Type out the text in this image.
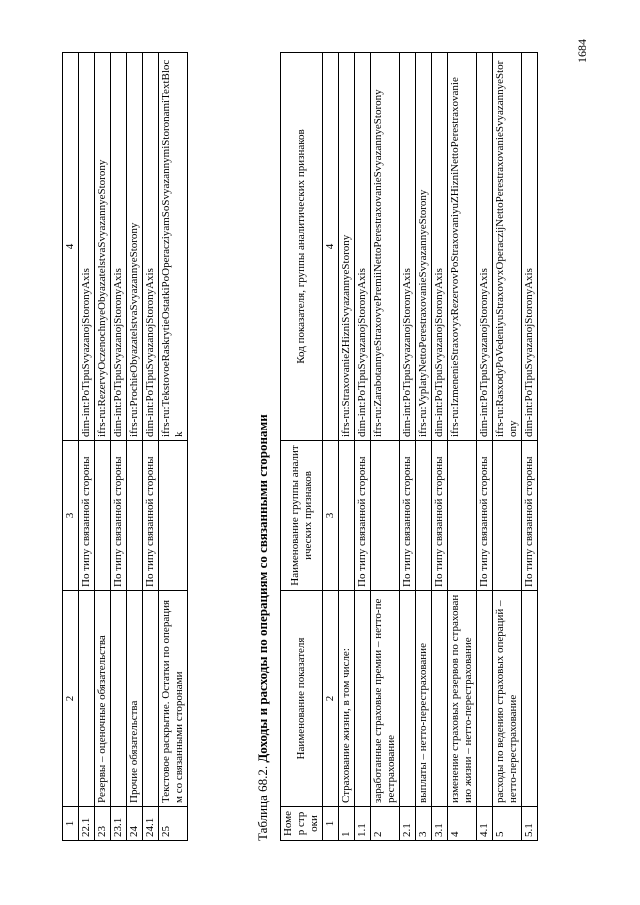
1	2	3	4
22.1		По типу связанной стороны	dim-int:PoTipuSvyazanojStoronyAxis
23	Резервы – оценочные обязательства		ifrs-ru:RezervyOczenochnyeObyazatelstvaSvyazannyeStorony
23.1		По типу связанной стороны	dim-int:PoTipuSvyazanojStoronyAxis
24	Прочие обязательства		ifrs-ru:ProchieObyazatelstvaSvyazannyeStorony
24.1		По типу связанной стороны	dim-int:PoTipuSvyazanojStoronyAxis
25	Текстовое раскрытие. Остатки по операциям со связанными сторонами		ifrs-ru:TekstovoeRaskrytieOstatkiPoOperacziyamSoSvyazannymiStoronamiTextBlock
Таблица 68.2. Доходы и расходы по операциям со связанными сторонами
Номер строки	Наименование показателя	Наименование группы аналитических признаков	Код показателя, группы аналитических признаков
1	2	3	4
1	Страхование жизни, в том числе:		ifrs-ru:StraxovanieZHizniSvyazannyeStorony
1.1		По типу связанной стороны	dim-int:PoTipuSvyazanojStoronyAxis
2	заработанные страховые премии – нетто-перестрахование		ifrs-ru:ZarabotannyeStraxovyePremiiNettoPerestraxovanieSvyazannyeStorony
2.1		По типу связанной стороны	dim-int:PoTipuSvyazanojStoronyAxis
3	выплаты – нетто-перестрахование		ifrs-ru:VyplatyNettoPerestraxovanieSvyazannyeStorony
3.1		По типу связанной стороны	dim-int:PoTipuSvyazanojStoronyAxis
4	изменение страховых резервов по страхованию жизни – нетто-перестрахование		ifrs-ru:IzmenenieStraxovyxRezervovPoStraxovaniyuZHizniNettoPerestraxovanie
4.1		По типу связанной стороны	dim-int:PoTipuSvyazanojStoronyAxis
5	расходы по ведению страховых операций – нетто-перестрахование		ifrs-ru:RasxodyPoVedeniyuStraxovyxOperaczijNettoPerestraxovanieSvyazannyeStorony
5.1		По типу связанной стороны	dim-int:PoTipuSvyazanojStoronyAxis
1684
